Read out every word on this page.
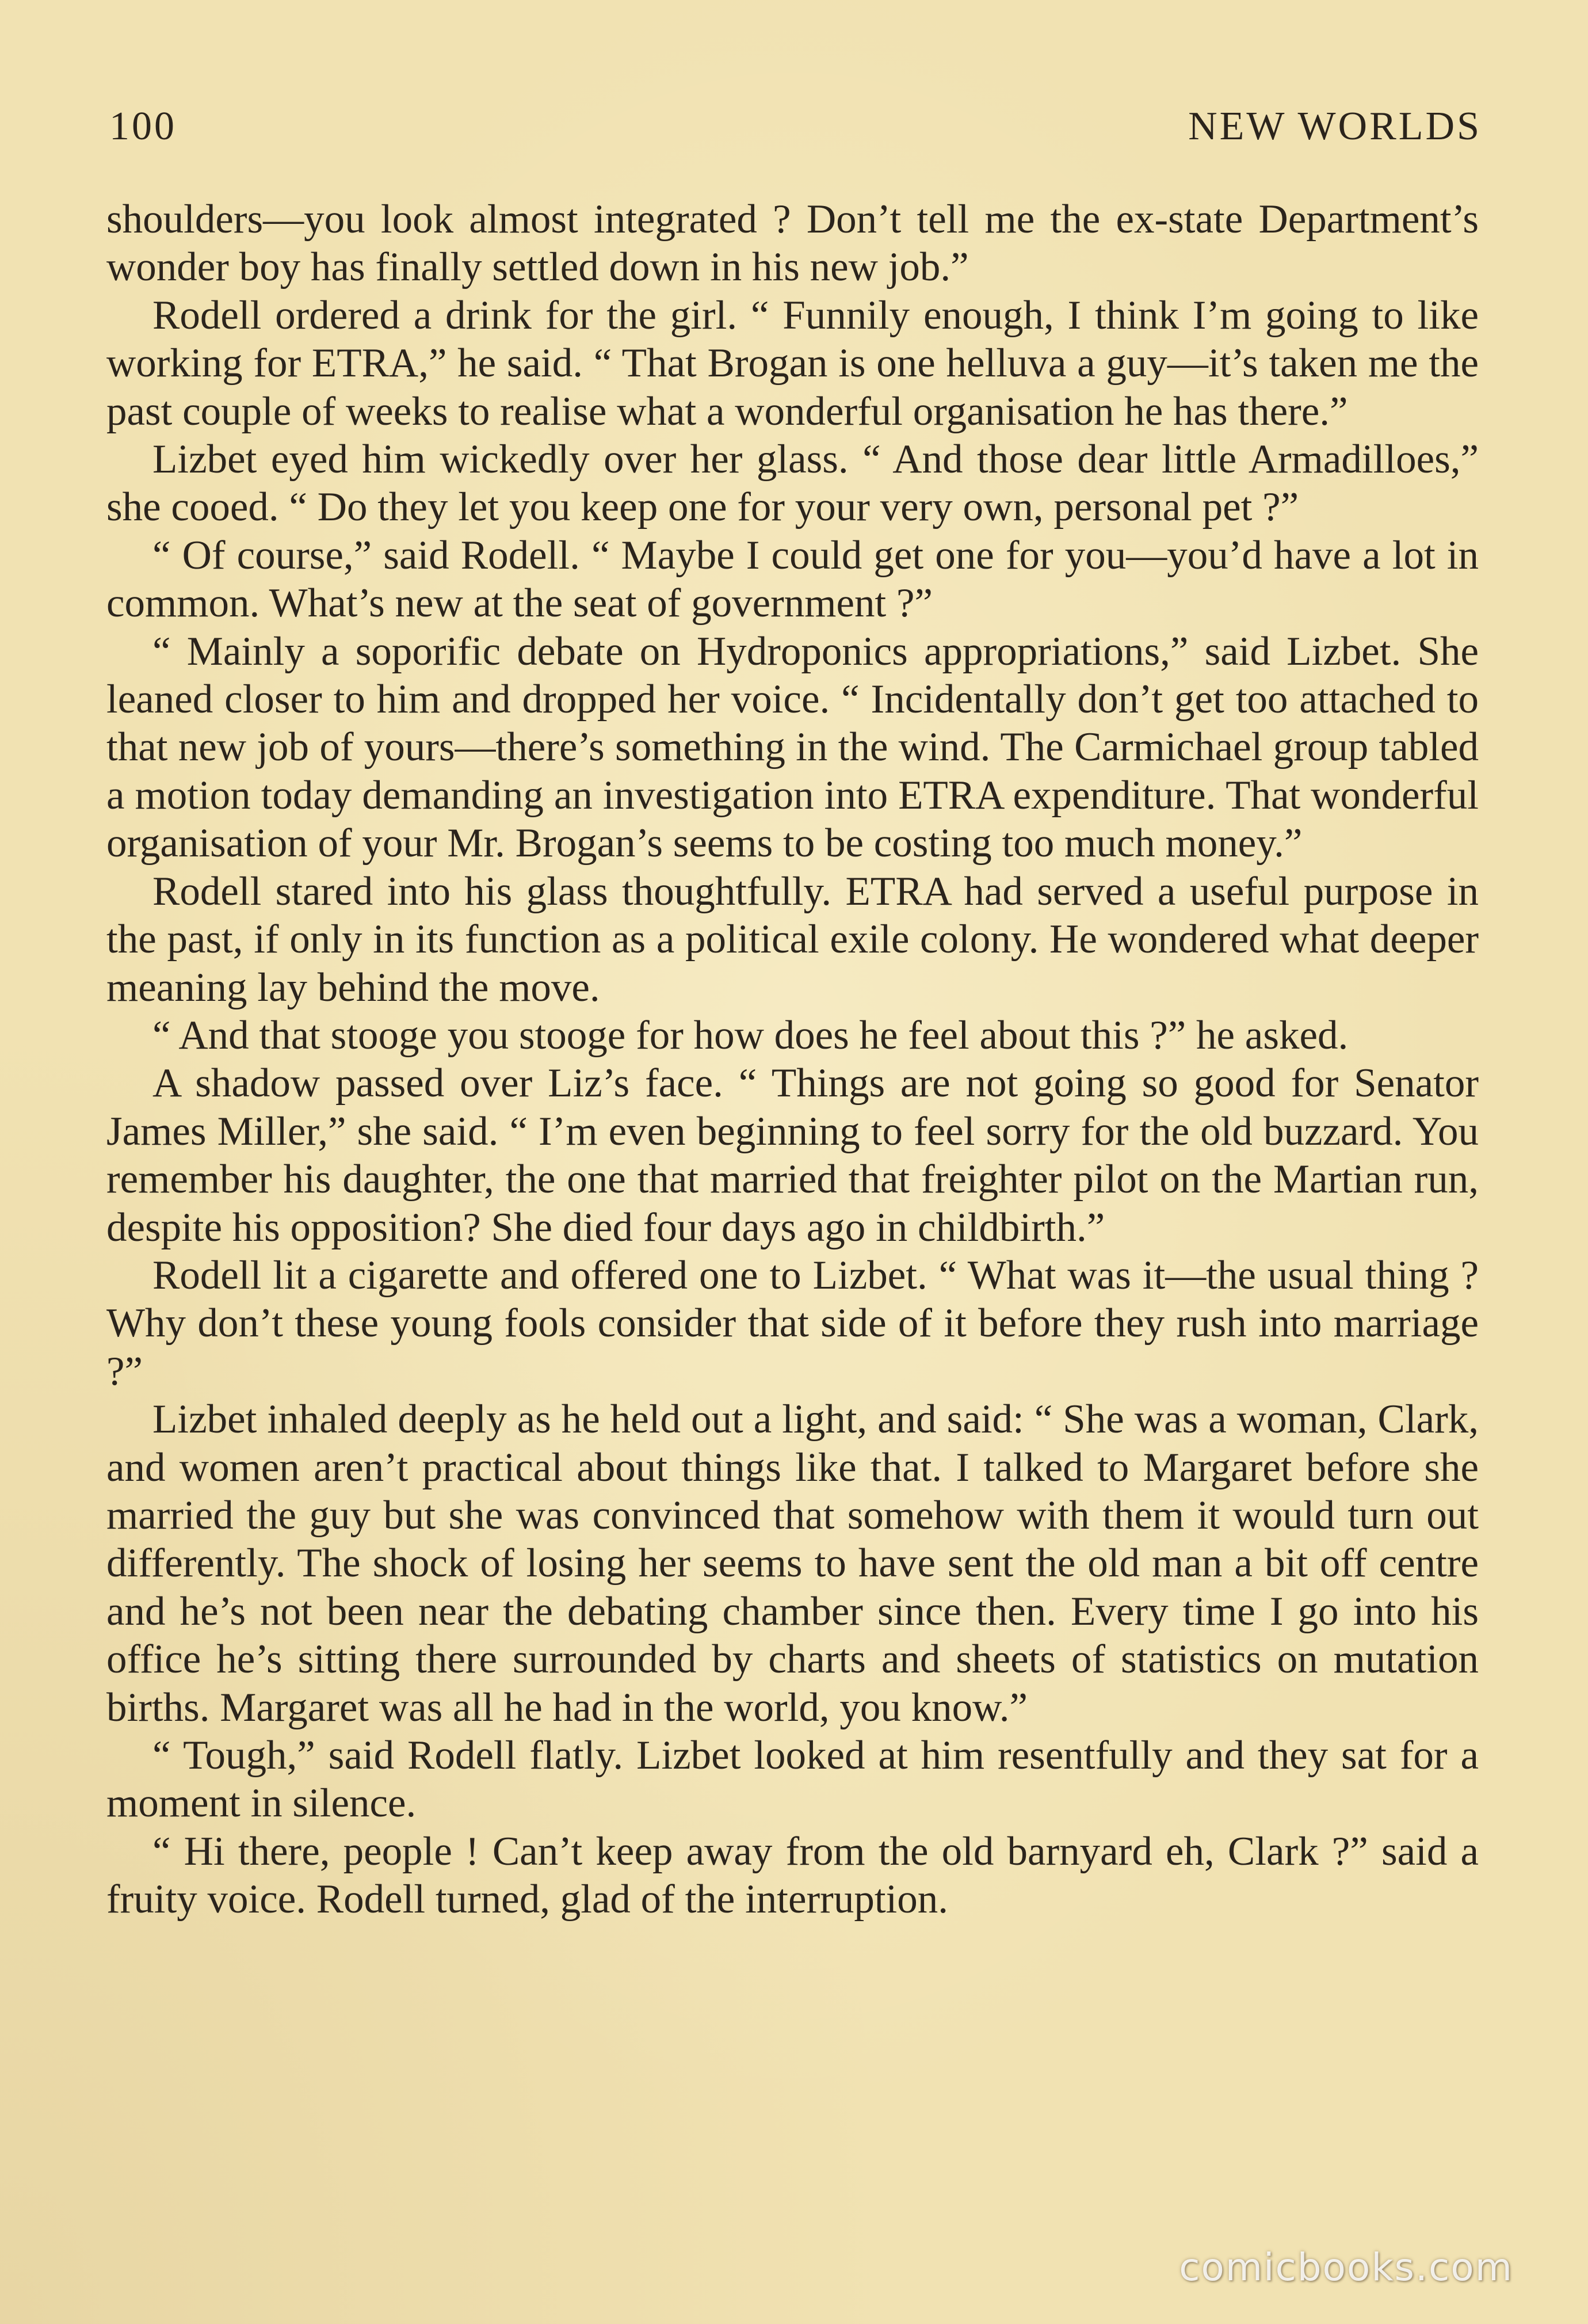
100	NEW WORLDS

shoulders—you look almost integrated ? Don’t tell me the ex-state Department’s wonder boy has finally settled down in his new job.”

Rodell ordered a drink for the girl. “ Funnily enough, I think I’m going to like working for ETRA,” he said. “ That Brogan is one helluva a guy—it’s taken me the past couple of weeks to realise what a wonderful organisation he has there.”

Lizbet eyed him wickedly over her glass. “ And those dear little Armadilloes,” she cooed. “ Do they let you keep one for your very own, personal pet ?”

“ Of course,” said Rodell. “ Maybe I could get one for you—you’d have a lot in common. What’s new at the seat of government ?”

“ Mainly a soporific debate on Hydroponics appropriations,” said Lizbet. She leaned closer to him and dropped her voice. “ Incidentally don’t get too attached to that new job of yours—there’s something in the wind. The Carmichael group tabled a motion today demanding an investigation into ETRA expenditure. That wonderful organisation of your Mr. Brogan’s seems to be costing too much money.”

Rodell stared into his glass thoughtfully. ETRA had served a useful purpose in the past, if only in its function as a political exile colony. He wondered what deeper meaning lay behind the move.

“ And that stooge you stooge for how does he feel about this ?” he asked.

A shadow passed over Liz’s face. “ Things are not going so good for Senator James Miller,” she said. “ I’m even beginning to feel sorry for the old buzzard. You remember his daughter, the one that married that freighter pilot on the Martian run, despite his opposition? She died four days ago in childbirth.”

Rodell lit a cigarette and offered one to Lizbet. “ What was it—the usual thing ? Why don’t these young fools consider that side of it before they rush into marriage ?”

Lizbet inhaled deeply as he held out a light, and said: “ She was a woman, Clark, and women aren’t practical about things like that. I talked to Margaret before she married the guy but she was convinced that somehow with them it would turn out differently. The shock of losing her seems to have sent the old man a bit off centre and he’s not been near the debating chamber since then. Every time I go into his office he’s sitting there surrounded by charts and sheets of statistics on mutation births. Margaret was all he had in the world, you know.”

“ Tough,” said Rodell flatly. Lizbet looked at him resentfully and they sat for a moment in silence.

“ Hi there, people ! Can’t keep away from the old barnyard eh, Clark ?” said a fruity voice. Rodell turned, glad of the interruption.

comicbooks.com
